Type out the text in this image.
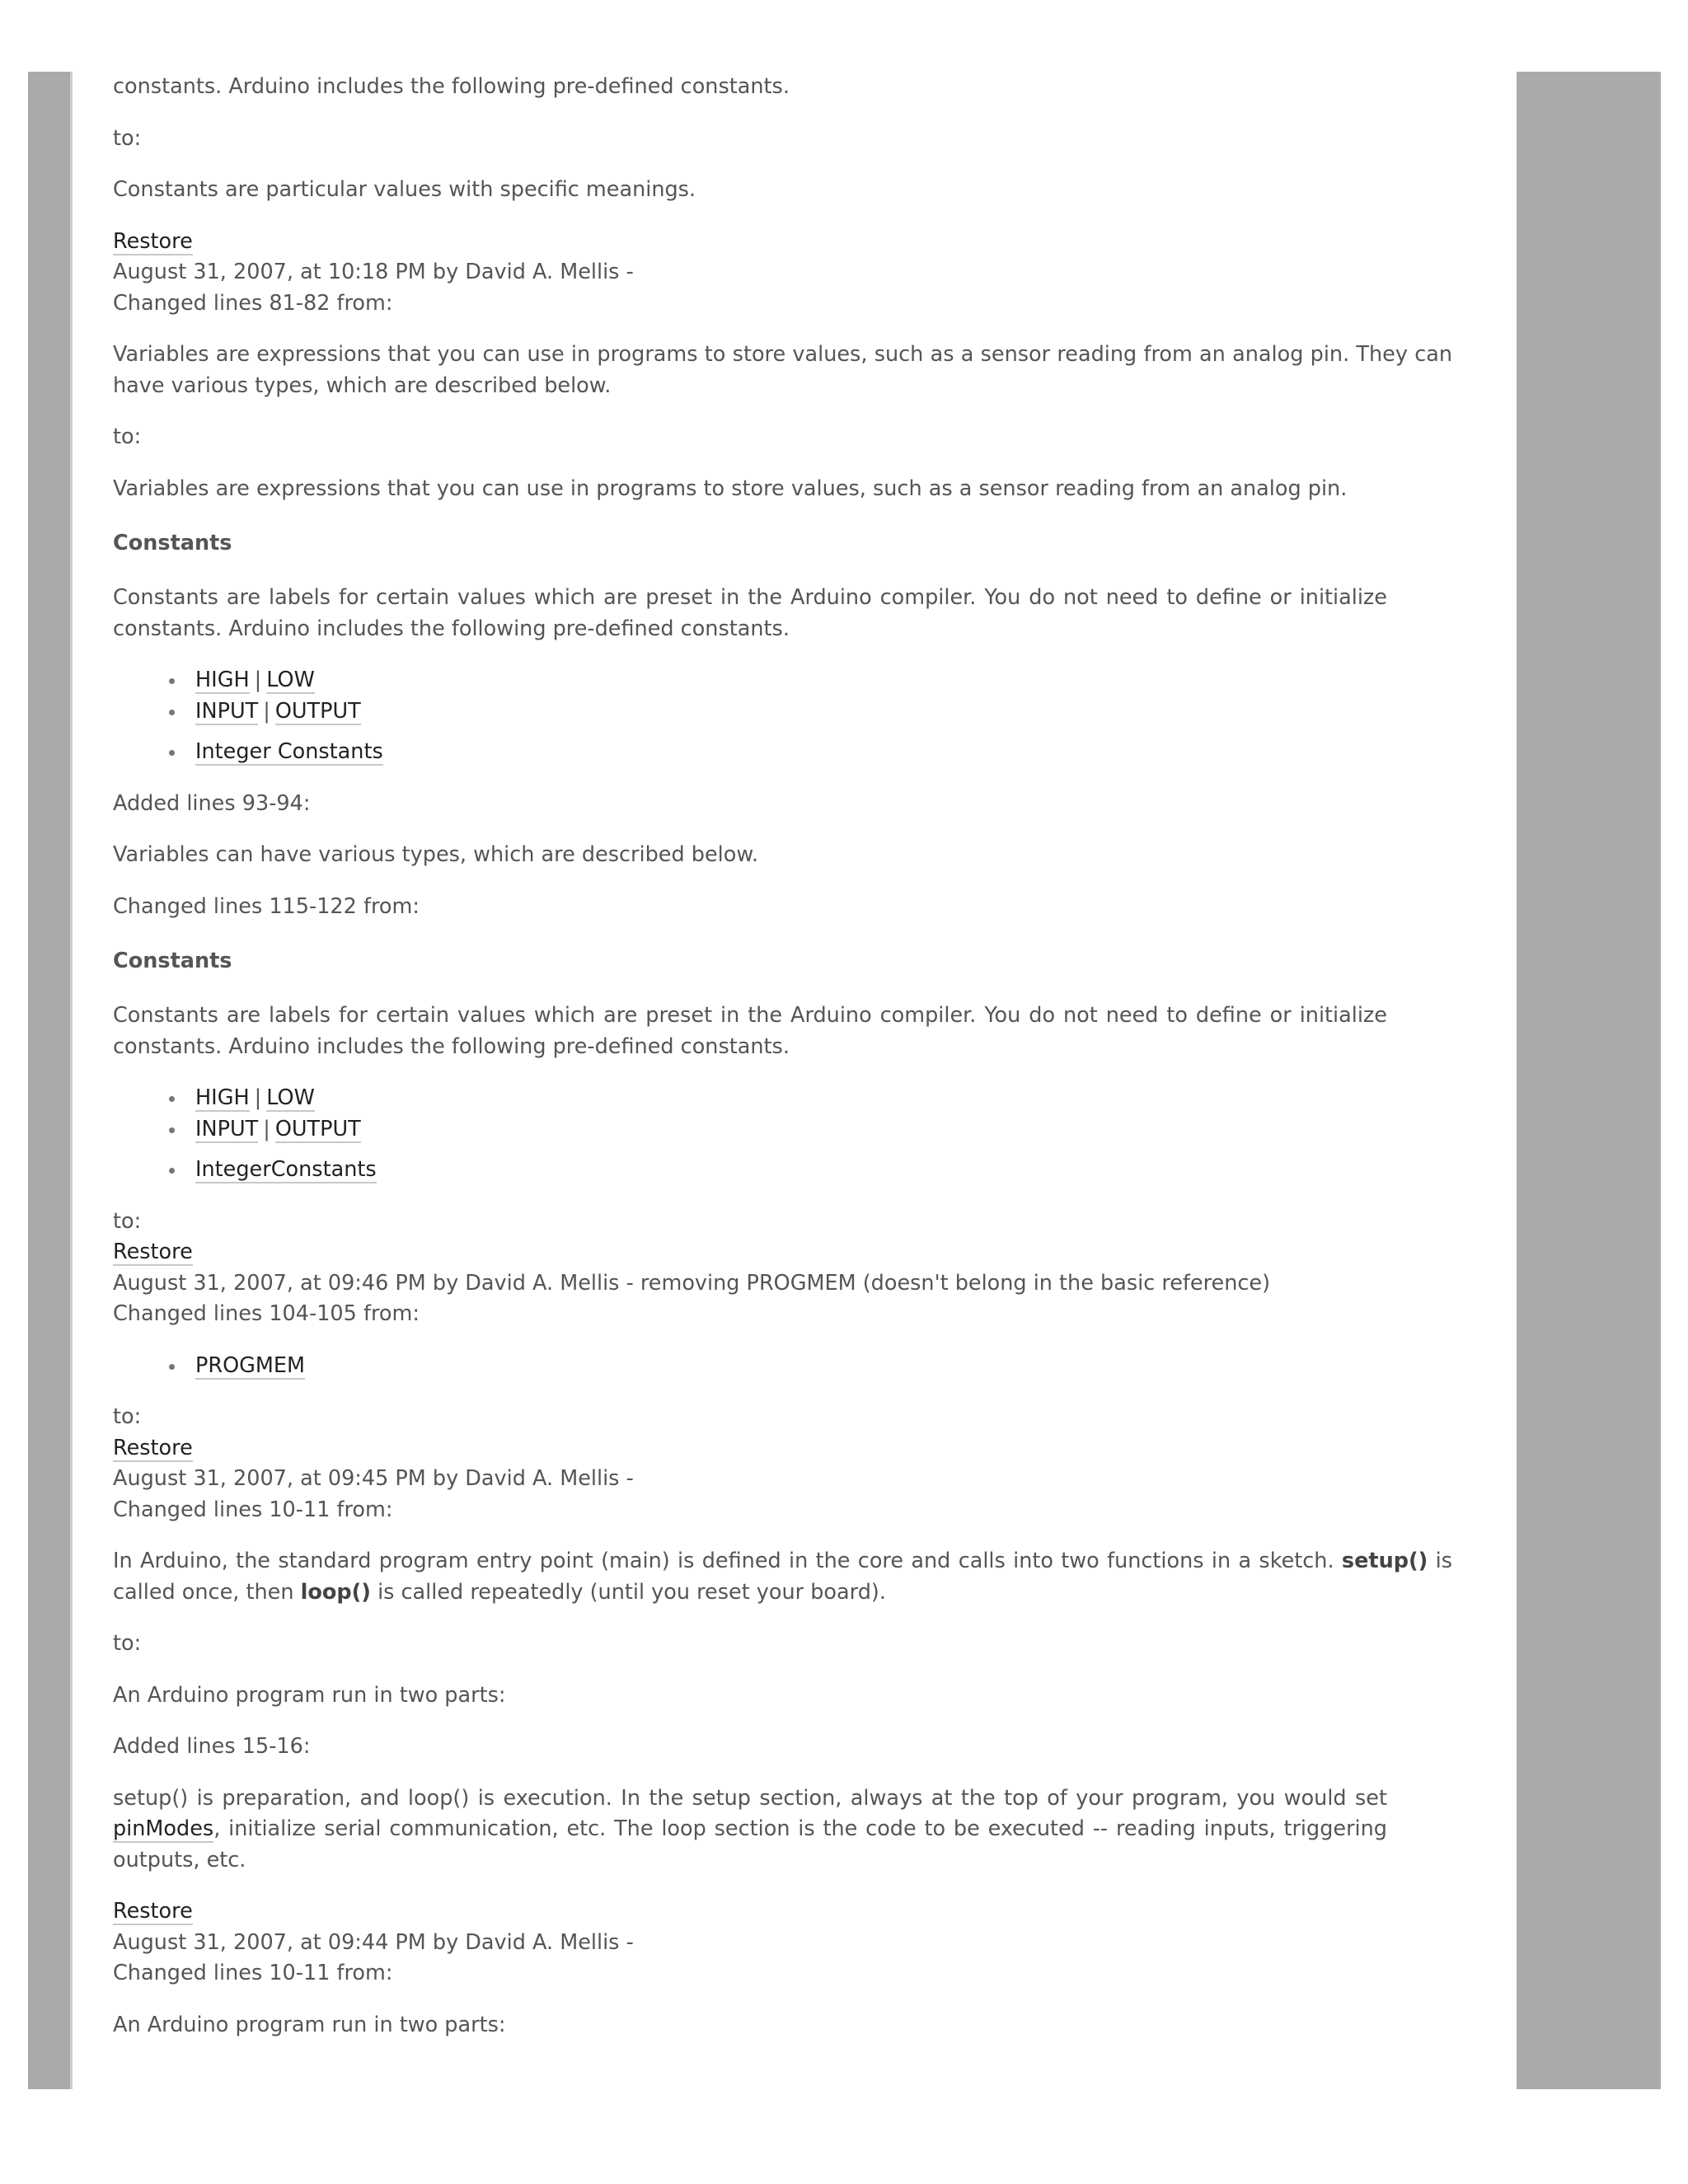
constants. Arduino includes the following pre-defined constants.

to:

Constants are particular values with specific meanings.

Restore
August 31, 2007, at 10:18 PM by David A. Mellis -
Changed lines 81-82 from:

Variables are expressions that you can use in programs to store values, such as a sensor reading from an analog pin. They can have various types, which are described below.

to:

Variables are expressions that you can use in programs to store values, such as a sensor reading from an analog pin.

Constants

Constants are labels for certain values which are preset in the Arduino compiler. You do not need to define or initialize constants. Arduino includes the following pre-defined constants.

HIGH | LOW
INPUT | OUTPUT
Integer Constants

Added lines 93-94:

Variables can have various types, which are described below.

Changed lines 115-122 from:

Constants

Constants are labels for certain values which are preset in the Arduino compiler. You do not need to define or initialize constants. Arduino includes the following pre-defined constants.

HIGH | LOW
INPUT | OUTPUT
IntegerConstants
to:
Restore
August 31, 2007, at 09:46 PM by David A. Mellis - removing PROGMEM (doesn't belong in the basic reference)
Changed lines 104-105 from:
PROGMEM
to:
Restore
August 31, 2007, at 09:45 PM by David A. Mellis -
Changed lines 10-11 from:

In Arduino, the standard program entry point (main) is defined in the core and calls into two functions in a sketch. setup() is called once, then loop() is called repeatedly (until you reset your board).

to:

An Arduino program run in two parts:

Added lines 15-16:

setup() is preparation, and loop() is execution. In the setup section, always at the top of your program, you would set pinModes, initialize serial communication, etc. The loop section is the code to be executed -- reading inputs, triggering outputs, etc.

Restore
August 31, 2007, at 09:44 PM by David A. Mellis -
Changed lines 10-11 from:

An Arduino program run in two parts:
